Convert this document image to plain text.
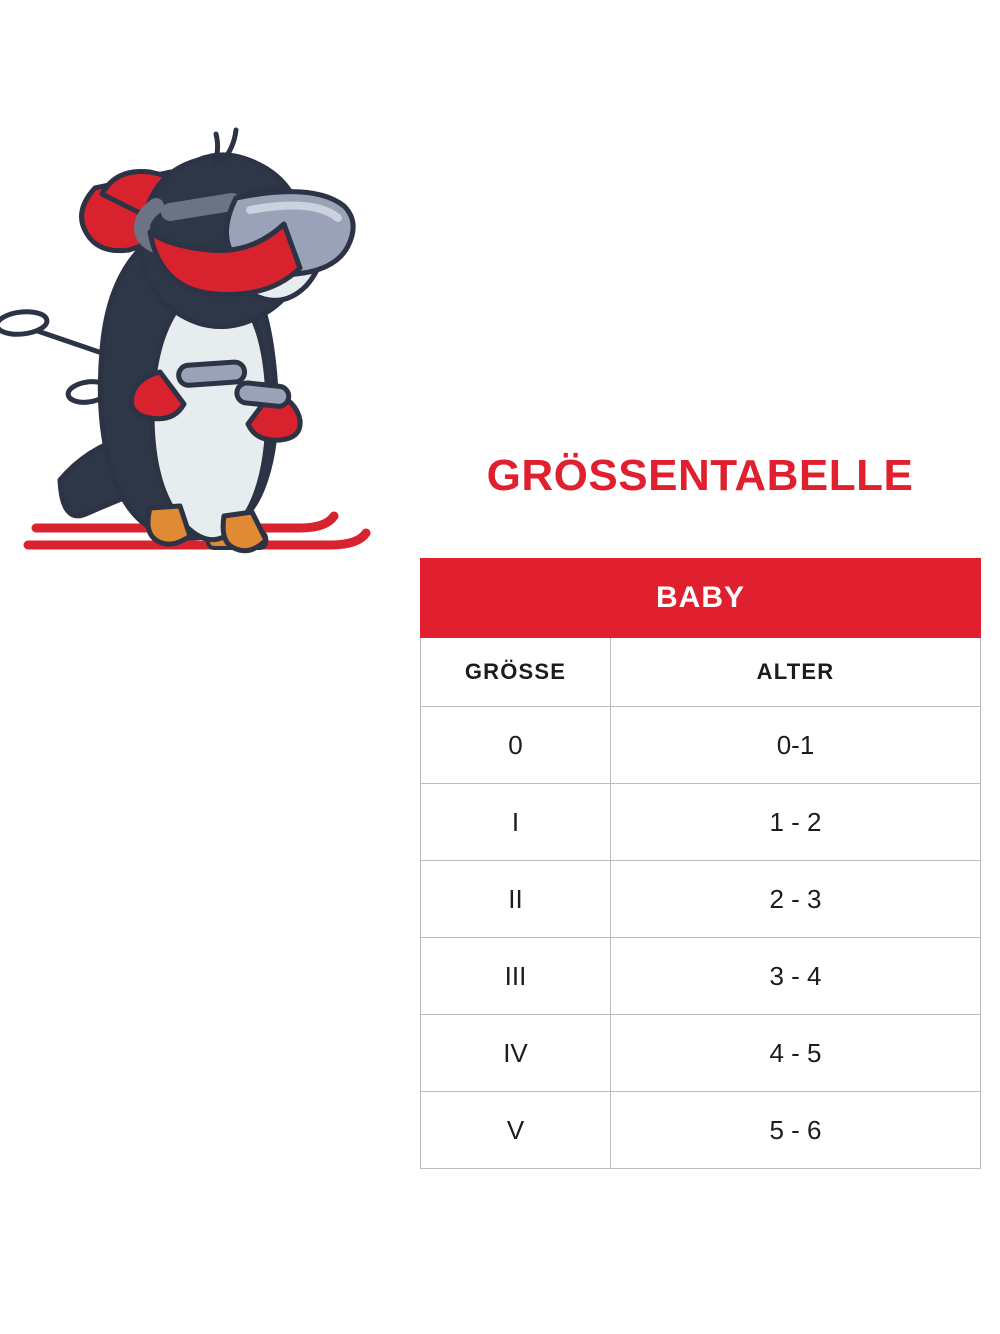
GRÖSSENTABELLE
BABY	
GRÖSSE	ALTER
0	0-1
I	1 - 2
II	2 - 3
III	3 - 4
IV	4 - 5
V	5 - 6
